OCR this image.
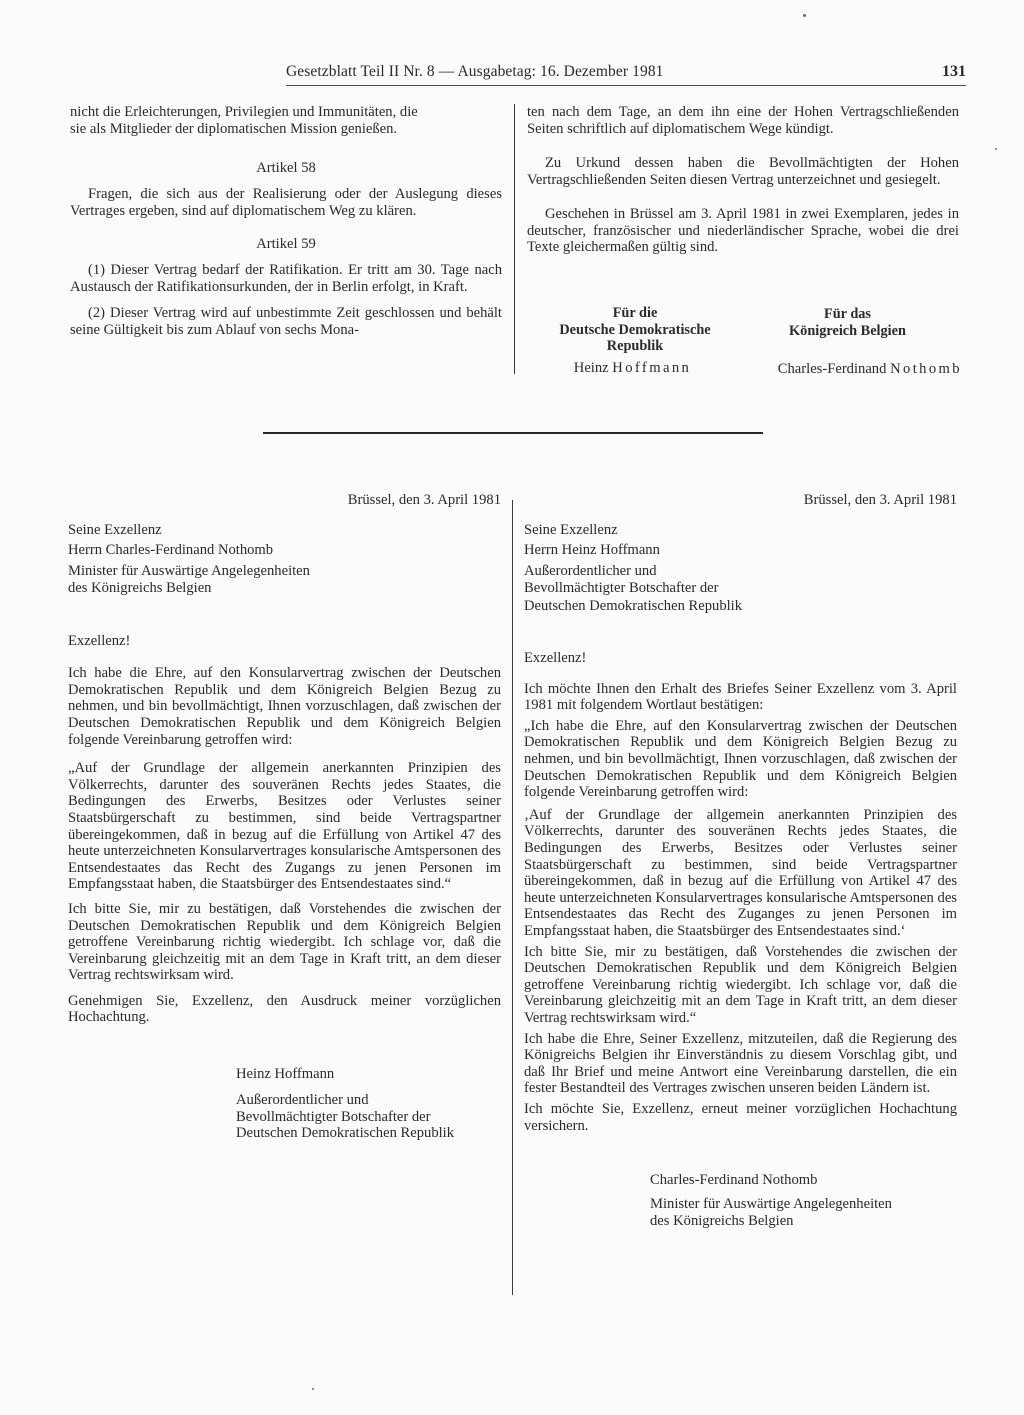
Gesetzblatt Teil II Nr. 8 — Ausgabetag: 16. Dezember 1981	131

nicht die Erleichterungen, Privilegien und Immunitäten, die

sie als Mitglieder der diplomatischen Mission genießen.

Artikel 58

Fragen, die sich aus der Realisierung oder der Auslegung dieses Vertrages ergeben, sind auf diplomatischem Weg zu klären.

Artikel 59

(1) Dieser Vertrag bedarf der Ratifikation. Er tritt am 30. Tage nach Austausch der Ratifikationsurkunden, der in Berlin erfolgt, in Kraft.

(2) Dieser Vertrag wird auf unbestimmte Zeit geschlossen und behält seine Gültigkeit bis zum Ablauf von sechs Mona-

ten nach dem Tage, an dem ihn eine der Hohen Vertragschließenden Seiten schriftlich auf diplomatischem Wege kündigt.

Zu Urkund dessen haben die Bevollmächtigten der Hohen Vertragschließenden Seiten diesen Vertrag unterzeichnet und gesiegelt.

Geschehen in Brüssel am 3. April 1981 in zwei Exemplaren, jedes in deutscher, französischer und niederländischer Sprache, wobei die drei Texte gleichermaßen gültig sind.

Für die
Deutsche Demokratische
Republik
Für das
Königreich Belgien
Heinz Hoffmann	Charles-Ferdinand Nothomb

Brüssel, den 3. April 1981

Seine Exzellenz
Herrn Charles-Ferdinand Nothomb
Minister für Auswärtige Angelegenheiten
des Königreichs Belgien

Exzellenz!

Ich habe die Ehre, auf den Konsularvertrag zwischen der Deutschen Demokratischen Republik und dem Königreich Belgien Bezug zu nehmen, und bin bevollmächtigt, Ihnen vorzuschlagen, daß zwischen der Deutschen Demokratischen Republik und dem Königreich Belgien folgende Vereinbarung getroffen wird:

„Auf der Grundlage der allgemein anerkannten Prinzipien des Völkerrechts, darunter des souveränen Rechts jedes Staates, die Bedingungen des Erwerbs, Besitzes oder Verlustes seiner Staatsbürgerschaft zu bestimmen, sind beide Vertragspartner übereingekommen, daß in bezug auf die Erfüllung von Artikel 47 des heute unterzeichneten Konsularvertrages konsularische Amtspersonen des Entsendestaates das Recht des Zugangs zu jenen Personen im Empfangsstaat haben, die Staatsbürger des Entsendestaates sind.“

Ich bitte Sie, mir zu bestätigen, daß Vorstehendes die zwischen der Deutschen Demokratischen Republik und dem Königreich Belgien getroffene Vereinbarung richtig wiedergibt. Ich schlage vor, daß die Vereinbarung gleichzeitig mit an dem Tage in Kraft tritt, an dem dieser Vertrag rechtswirksam wird.

Genehmigen Sie, Exzellenz, den Ausdruck meiner vorzüglichen Hochachtung.

Heinz Hoffmann
Außerordentlicher und
Bevollmächtigter Botschafter der
Deutschen Demokratischen Republik

Brüssel, den 3. April 1981

Seine Exzellenz
Herrn Heinz Hoffmann
Außerordentlicher und
Bevollmächtigter Botschafter der
Deutschen Demokratischen Republik

Exzellenz!

Ich möchte Ihnen den Erhalt des Briefes Seiner Exzellenz vom 3. April 1981 mit folgendem Wortlaut bestätigen:

„Ich habe die Ehre, auf den Konsularvertrag zwischen der Deutschen Demokratischen Republik und dem Königreich Belgien Bezug zu nehmen, und bin bevollmächtigt, Ihnen vorzuschlagen, daß zwischen der Deutschen Demokratischen Republik und dem Königreich Belgien folgende Vereinbarung getroffen wird:

‚Auf der Grundlage der allgemein anerkannten Prinzipien des Völkerrechts, darunter des souveränen Rechts jedes Staates, die Bedingungen des Erwerbs, Besitzes oder Verlustes seiner Staatsbürgerschaft zu bestimmen, sind beide Vertragspartner übereingekommen, daß in bezug auf die Erfüllung von Artikel 47 des heute unterzeichneten Konsularvertrages konsularische Amtspersonen des Entsendestaates das Recht des Zuganges zu jenen Personen im Empfangsstaat haben, die Staatsbürger des Entsendestaates sind.‘

Ich bitte Sie, mir zu bestätigen, daß Vorstehendes die zwischen der Deutschen Demokratischen Republik und dem Königreich Belgien getroffene Vereinbarung richtig wiedergibt. Ich schlage vor, daß die Vereinbarung gleichzeitig mit an dem Tage in Kraft tritt, an dem dieser Vertrag rechtswirksam wird.“

Ich habe die Ehre, Seiner Exzellenz, mitzuteilen, daß die Regierung des Königreichs Belgien ihr Einverständnis zu diesem Vorschlag gibt, und daß Ihr Brief und meine Antwort eine Vereinbarung darstellen, die ein fester Bestandteil des Vertrages zwischen unseren beiden Ländern ist.

Ich möchte Sie, Exzellenz, erneut meiner vorzüglichen Hochachtung versichern.

Charles-Ferdinand Nothomb
Minister für Auswärtige Angelegenheiten
des Königreichs Belgien
